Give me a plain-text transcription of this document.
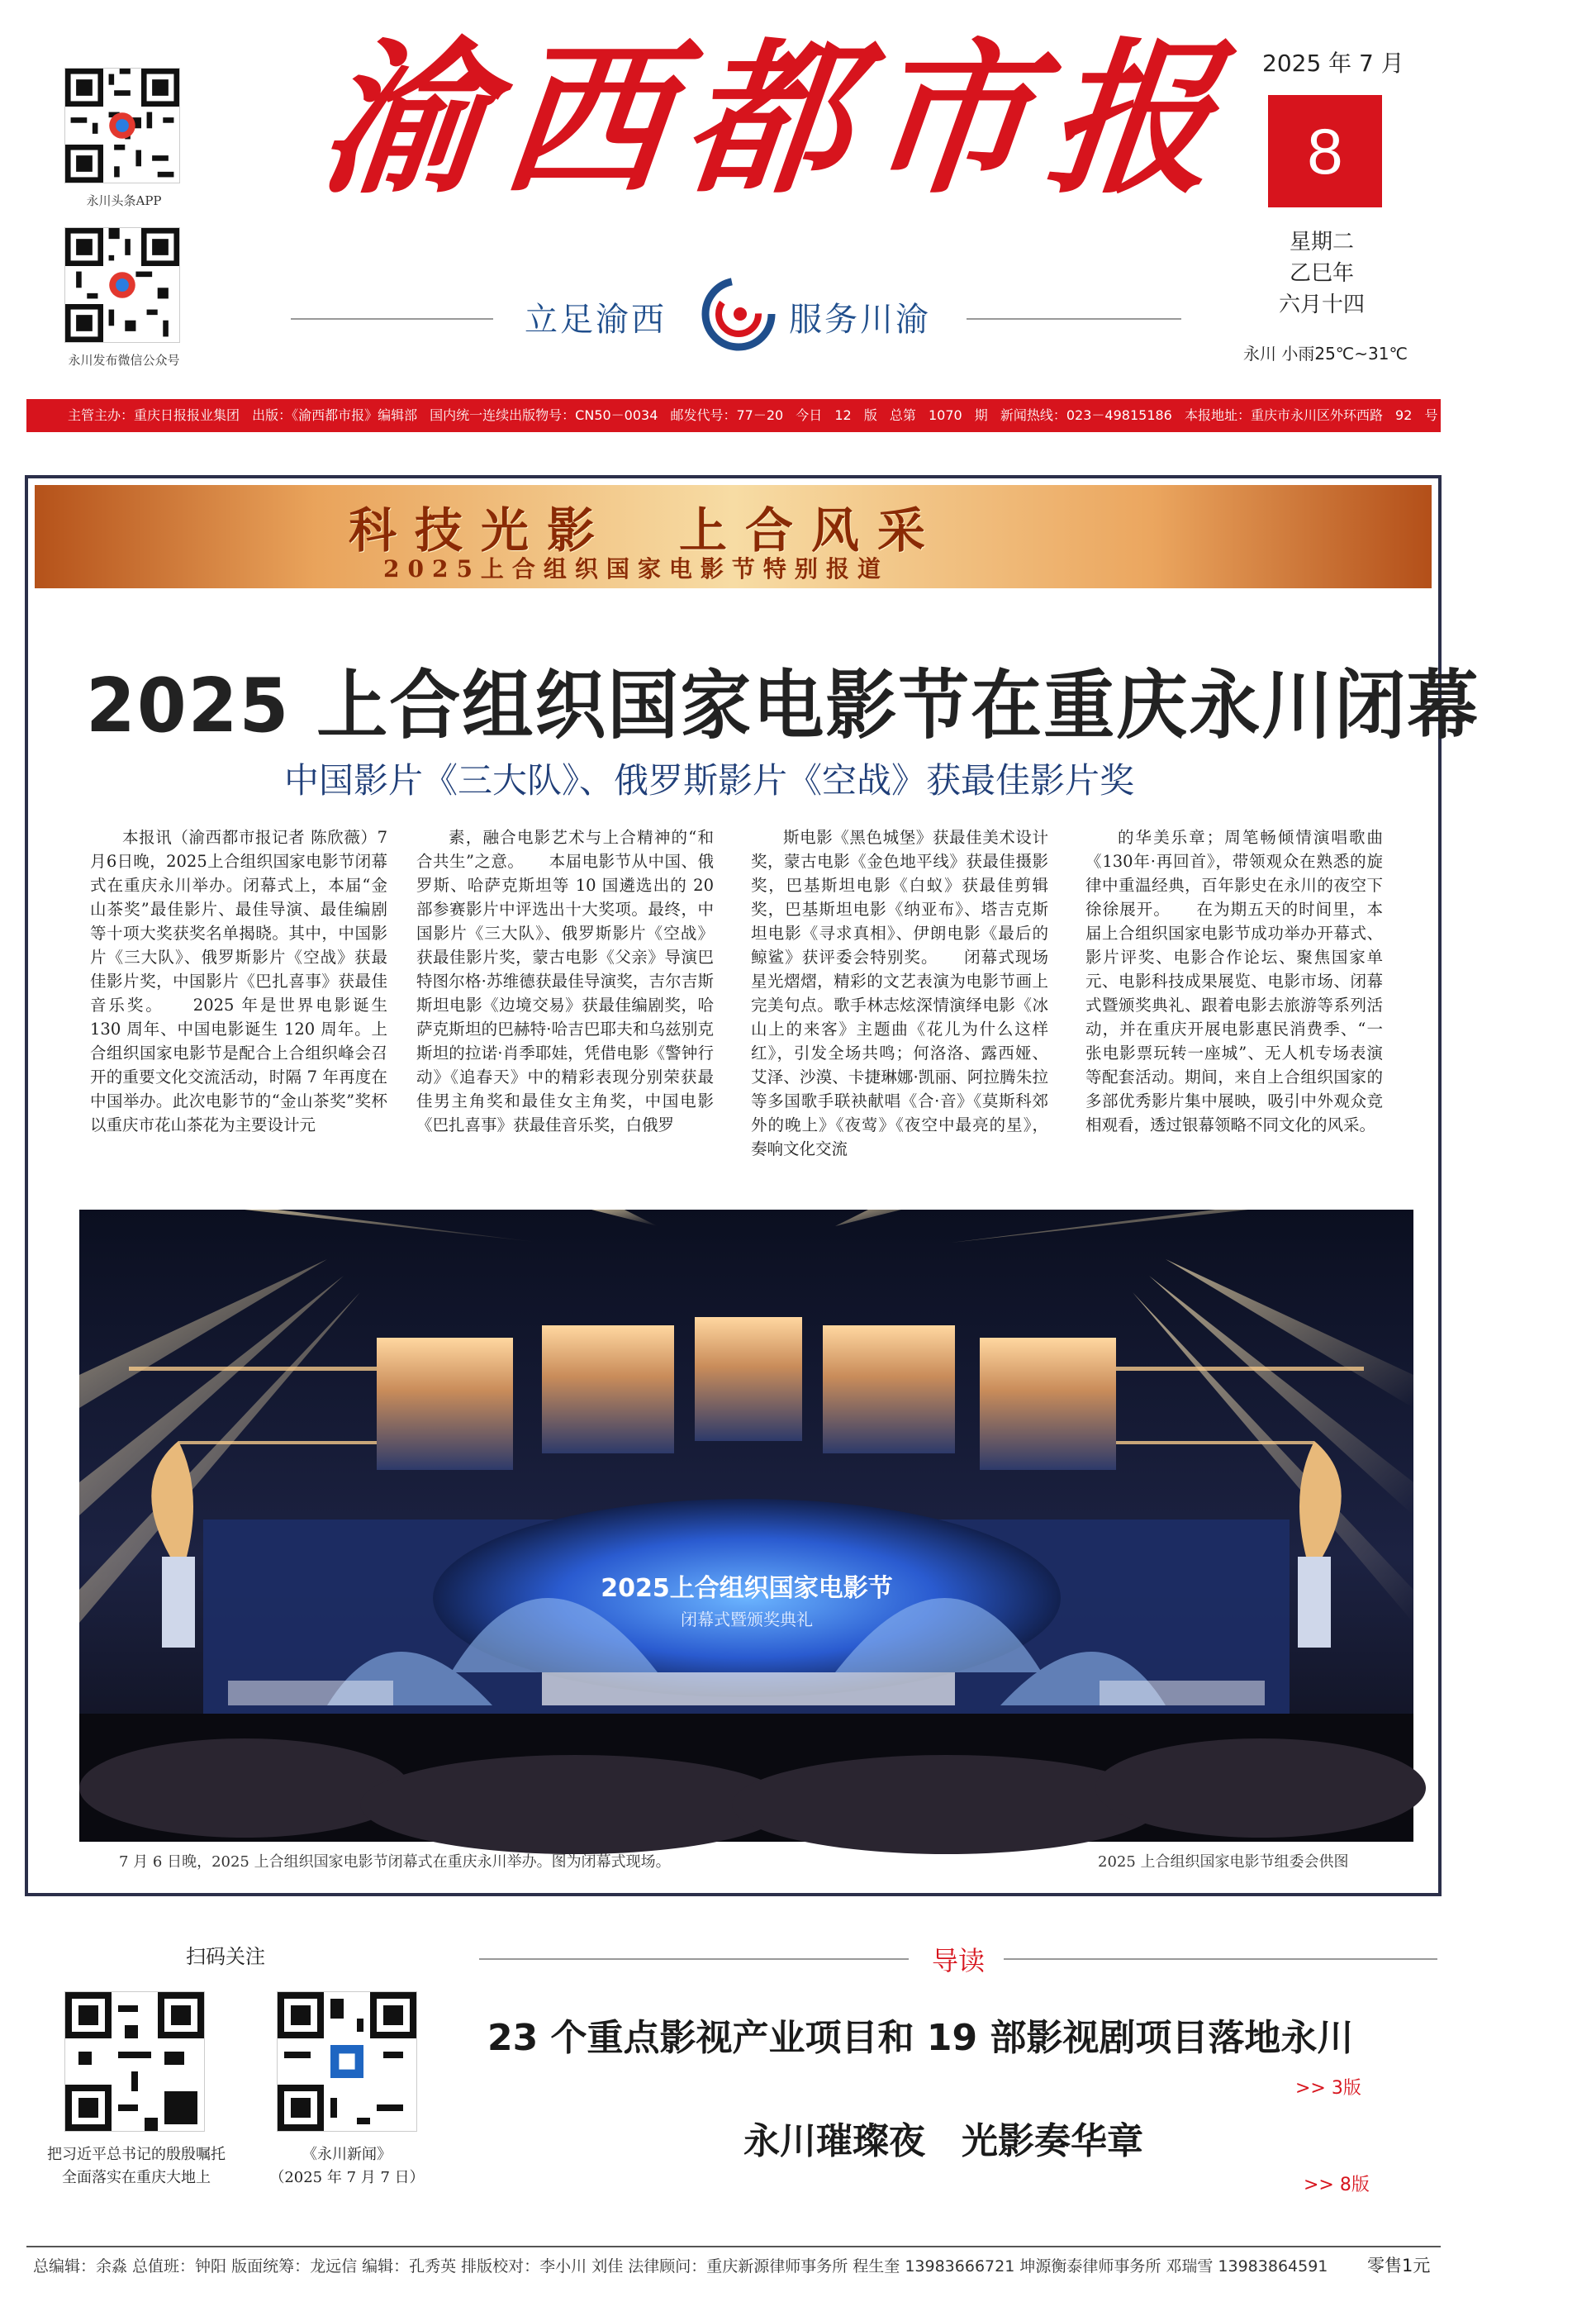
永川头条APP
永川发布微信公众号
渝西都市报
立足渝西	服务川渝
2025 年 7 月
8
星期二
乙巳年
六月十四
永川 小雨25℃~31℃
主管主办：重庆日报报业集团 出版：《渝西都市报》编辑部 国内统一连续出版物号：CN50－0034 邮发代号：77－20 今日 12 版 总第 1070 期 新闻热线：023－49815186 本报地址：重庆市永川区外环西路 92 号 重庆市永川区融媒体中心
科技光影　上合风采
2025上合组织国家电影节特别报道
2025 上合组织国家电影节在重庆永川闭幕
中国影片《三大队》、俄罗斯影片《空战》获最佳影片奖

本报讯（渝西都市报记者 陈欣薇）7月6日晚，2025上合组织国家电影节闭幕式在重庆永川举办。闭幕式上，本届“金山茶奖”最佳影片、最佳导演、最佳编剧等十项大奖获奖名单揭晓。其中，中国影片《三大队》、俄罗斯影片《空战》获最佳影片奖，中国影片《巴扎喜事》获最佳音乐奖。　　2025 年是世界电影诞生 130 周年、中国电影诞生 120 周年。上合组织国家电影节是配合上合组织峰会召开的重要文化交流活动，时隔 7 年再度在中国举办。此次电影节的“金山茶奖”奖杯以重庆市花山茶花为主要设计元

素，融合电影艺术与上合精神的“和合共生”之意。　　本届电影节从中国、俄罗斯、哈萨克斯坦等 10 国遴选出的 20 部参赛影片中评选出十大奖项。最终，中国影片《三大队》、俄罗斯影片《空战》获最佳影片奖，蒙古电影《父亲》导演巴特图尔格·苏维德获最佳导演奖，吉尔吉斯斯坦电影《边境交易》获最佳编剧奖，哈萨克斯坦的巴赫特·哈吉巴耶夫和乌兹别克斯坦的拉诺·肖季耶娃，凭借电影《警钟行动》《追春天》中的精彩表现分别荣获最佳男主角奖和最佳女主角奖，中国电影《巴扎喜事》获最佳音乐奖，白俄罗

斯电影《黑色城堡》获最佳美术设计奖，蒙古电影《金色地平线》获最佳摄影奖，巴基斯坦电影《白蚁》获最佳剪辑奖，巴基斯坦电影《纳亚布》、塔吉克斯坦电影《寻求真相》、伊朗电影《最后的鲸鲨》获评委会特别奖。　　闭幕式现场星光熠熠，精彩的文艺表演为电影节画上完美句点。歌手林志炫深情演绎电影《冰山上的来客》主题曲《花儿为什么这样红》，引发全场共鸣；何洛洛、露西娅、艾泽、沙漠、卡捷琳娜·凯丽、阿拉腾朱拉等多国歌手联袂献唱《合·音》《莫斯科郊外的晚上》《夜莺》《夜空中最亮的星》，奏响文化交流

的华美乐章；周笔畅倾情演唱歌曲《130年·再回首》，带领观众在熟悉的旋律中重温经典，百年影史在永川的夜空下徐徐展开。　　在为期五天的时间里，本届上合组织国家电影节成功举办开幕式、影片评奖、电影合作论坛、聚焦国家单元、电影科技成果展览、电影市场、闭幕式暨颁奖典礼、跟着电影去旅游等系列活动，并在重庆开展电影惠民消费季、“一张电影票玩转一座城”、无人机专场表演等配套活动。期间，来自上合组织国家的多部优秀影片集中展映，吸引中外观众竞相观看，透过银幕领略不同文化的风采。

2025上合组织国家电影节
闭幕式暨颁奖典礼
7 月 6 日晚，2025 上合组织国家电影节闭幕式在重庆永川举办。图为闭幕式现场。	2025 上合组织国家电影节组委会供图
扫码关注
把习近平总书记的殷殷嘱托
全面落实在重庆大地上
《永川新闻》
（2025 年 7 月 7 日）
导读
23 个重点影视产业项目和 19 部影视剧项目落地永川
>> 3版
永川璀璨夜　光影奏华章
>> 8版
总编辑：余淼 总值班：钟阳 版面统筹：龙远信 编辑：孔秀英 排版校对：李小川 刘佳 法律顾问：重庆新源律师事务所 程生奎 13983666721 坤源衡泰律师事务所 邓瑞雪 13983864591	零售1元
